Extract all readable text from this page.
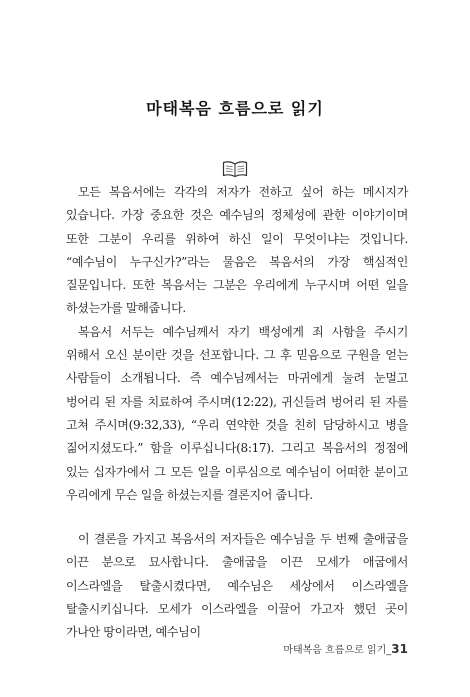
마태복음 흐름으로 읽기

모든 복음서에는 각각의 저자가 전하고 싶어 하는 메시지가 있습니다. 가장 중요한 것은 예수님의 정체성에 관한 이야기이며 또한 그분이 우리를 위하여 하신 일이 무엇이냐는 것입니다. “예수님이 누구신가?”라는 물음은 복음서의 가장 핵심적인 질문입니다. 또한 복음서는 그분은 우리에게 누구시며 어떤 일을 하셨는가를 말해줍니다.

복음서 서두는 예수님께서 자기 백성에게 죄 사함을 주시기 위해서 오신 분이란 것을 선포합니다. 그 후 믿음으로 구원을 얻는 사람들이 소개됩니다. 즉 예수님께서는 마귀에게 눌려 눈멀고 벙어리 된 자를 치료하여 주시며(12:22), 귀신들려 벙어리 된 자를 고쳐 주시며(9:32,33), “우리 연약한 것을 친히 담당하시고 병을 짊어지셨도다.” 함을 이루십니다(8:17). 그리고 복음서의 정점에 있는 십자가에서 그 모든 일을 이루심으로 예수님이 어떠한 분이고 우리에게 무슨 일을 하셨는지를 결론지어 줍니다.

이 결론을 가지고 복음서의 저자들은 예수님을 두 번째 출애굽을 이끈 분으로 묘사합니다. 출애굽을 이끈 모세가 애굽에서 이스라엘을 탈출시켰다면, 예수님은 세상에서 이스라엘을 탈출시키십니다. 모세가 이스라엘을 이끌어 가고자 했던 곳이 가나안 땅이라면, 예수님이

마태복음 흐름으로 읽기_31
